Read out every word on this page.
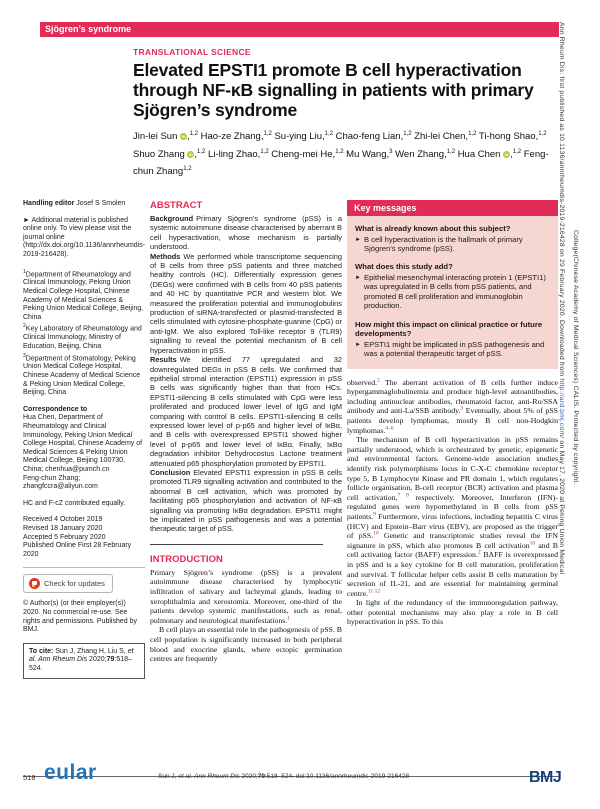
Sjögren’s syndrome
TRANSLATIONAL SCIENCE
Elevated EPSTI1 promote B cell hyperactivation through NF-κB signalling in patients with primary Sjögren’s syndrome
Jin-lei Sun iD ,$^{1,2}$ Hao-ze Zhang,$^{1,2}$ Su-ying Liu,$^{1,2}$ Chao-feng Lian,$^{1,2}$ Zhi-lei Chen,$^{1,2}$ Ti-hong Shao,$^{1,2}$ Shuo Zhang iD ,$^{1,2}$ Li-ling Zhao,$^{1,2}$ Cheng-mei He,$^{1,2}$ Mu Wang,$^3$ Wen Zhang,$^{1,2}$ Hua Chen iD ,$^{1,2}$ Feng-chun Zhang$^{1,2}$
Handling editor Josef S Smolen
► Additional material is published online only. To view please visit the journal online (http://dx.doi.org/10.1136/annrheumdis-2019-216428).
$^1$Department of Rheumatology and Clinical Immunology, Peking Union Medical College Hospital, Chinese Academy of Medical Sciences & Peking Union Medical College, Beijing, China
$^2$Key Laboratory of Rheumatology and Clinical Immunology, Ministry of Education, Beijing, China
$^3$Department of Stomatology, Peking Union Medical College Hospital, Chinese Academy of Medical Science & Peking Union Medical College, Beijing, China
Correspondence to
Hua Chen, Department of Rheumatology and Clinical Immunology, Peking Union Medical College Hospital, Chinese Academy of Medical Sciences & Peking Union Medical College, Beijing 100730, China; chenhua@pumch.cn
Feng-chun Zhang; zhangfccra@aliyun.com
HC and F-cZ contributed equally.
Received 4 October 2019
Revised 18 January 2020
Accepted 5 February 2020
Published Online First 28 February 2020
Check for updates
© Author(s) (or their employer(s)) 2020. No commercial re-use. See rights and permissions. Published by BMJ.
To cite: Sun J, Zhang H, Liu S, et al. Ann Rheum Dis 2020;79:518–524.

ABSTRACT

Background Primary Sjögren’s syndrome (pSS) is a systemic autoimmune disease characterised by aberrant B cell hyperactivation, whose mechanism is partially understood.

Methods We performed whole transcriptome sequencing of B cells from three pSS patients and three matched healthy controls (HC). Differentially expression genes (DEGs) were confirmed with B cells from 40 pSS patients and 40 HC by quantitative PCR and western blot. We measured the proliferation potential and immunoglobulins production of siRNA-transfected or plasmid-transfected B cells stimulated with cytosine-phosphate-guanine (CpG) or anti-IgM. We also explored Toll-like receptor 9 (TLR9) signalling to reveal the potential mechanism of B cell hyperactivation in pSS.

Results We identified 77 upregulated and 32 downregulated DEGs in pSS B cells. We confirmed that epithelial stromal interaction (EPSTI1) expression in pSS B cells was significantly higher than that from HCs. EPSTI1-silencing B cells stimulated with CpG were less proliferated and produced lower level of IgG and IgM comparing with control B cells. EPSTI1-silencing B cells expressed lower level of p-p65 and higher level of IκBα, and B cells with overexpressed EPSTI1 showed higher level of p-p65 and lower level of IκBα. Finally, IκBα degradation inhibitor Dehydrocostus Lactone treatment attenuated p65 phosphorylation promoted by EPSTI1.

Conclusion Elevated EPSTI1 expression in pSS B cells promoted TLR9 signalling activation and contributed to the abnormal B cell activation, which was promoted by facilitating p65 phosphorylation and activation of NF-κB signalling via promoting IκBα degradation. EPSTI1 might be implicated in pSS pathogenesis and was a potential therapeutic target of pSS.

INTRODUCTION

Primary Sjögren’s syndrome (pSS) is a prevalent autoimmune disease characterised by lymphocytic infiltration of salivary and lachrymal glands, leading to xerophthalmia and xerostomia. Moreover, one-third of the patients develop systemic manifestations, such as renal, pulmonary and neurological manifestations.$^1$

B cell plays an essential role in the pathogenesis of pSS. B cell population is significantly increased in both peripheral blood and exocrine glands, where ectopic germination centres are frequently

Key messages

What is already known about this subject?

► B cell hyperactivation is the hallmark of primary Sjögren’s syndrome (pSS).

What does this study add?

► Epithelial mesenchymal interacting protein 1 (EPSTI1) was upregulated in B cells from pSS patients, and promoted B cell proliferation and immunoglobin production.

How might this impact on clinical practice or future developments?

► EPSTI1 might be implicated in pSS pathogenesis and was a potential therapeutic target of pSS.

observed.$^2$ The aberrant activation of B cells further induce hypergammaglobulinemia and produce high-level autoantibodies, including antinuclear antibodies, rheumatoid factor, anti-Ro/SSA antibody and anti-La/SSB antibody.$^3$ Eventually, about 5% of pSS patients develop lymphomas, mostly B cell non-Hodgkin lymphomas.$^{4-6}$

The mechanism of B cell hyperactivation in pSS remains partially understood, which is orchestrated by genetic, epigenetic and environmental factors. Genome-wide association studies identify risk polymorphisms locus in C-X-C chemokine receptor type 5, B Lymphocyte Kinase and PR domain 1, which regulates follicle organisation, B-cell receptor (BCR) activation and plasma cell activation,$^{7 8}$ respectively. Moreover, Interferon (IFN)-regulated genes were hypomethylated in B cells from pSS patients.$^9$ Furthermore, virus infections, including hepatitis C virus (HCV) and Epstein–Barr virus (EBV), are proposed as the trigger of pSS.$^{10}$ Genetic and transcriptomic studies reveal the IFN signature in pSS, which also promotes B cell activation$^{10}$ and B cell activating factor (BAFF) expression.$^2$ BAFF is overexpressed in pSS and is a key cytokine for B cell maturation, proliferation and survival. T follicular helper cells assist B cells maturation by secretion of IL-21, and are essential for maintaining germinal centre.$^{11 12}$

In light of the redundancy of the immunoregulation pathway, other potential mechanisms may also play a role in B cell hyperactivation in pSS. To this

518 eular	Sun J, et al. Ann Rheum Dis 2020;79:518–524. doi:10.1136/annrheumdis-2019-216428	BMJ
Ann Rheum Dis: first published as 10.1136/annrheumdis-2019-216428 on 29 February 2020. Downloaded from http://ard.bmj.com/ on May 17, 2020 at Peking Union Medical
College(Chinese Academy of Medical Sciences) CALIS. Protected by copyright.
